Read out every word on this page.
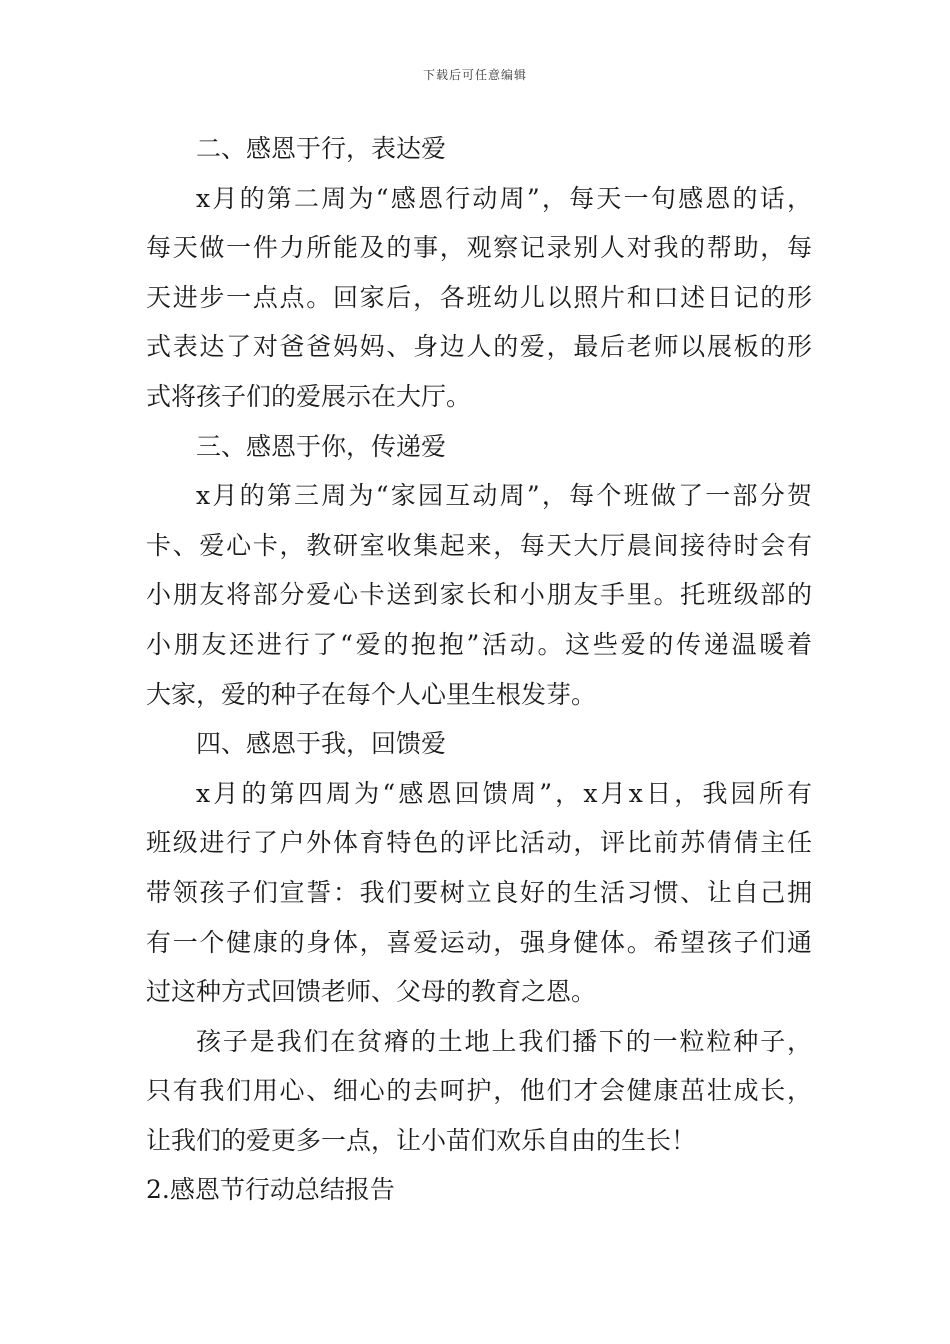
下载后可任意编辑
二、感恩于行，表达爱
x月的第二周为“感恩行动周”，每天一句感恩的话，
每天做一件力所能及的事，观察记录别人对我的帮助，每
天进步一点点。回家后，各班幼儿以照片和口述日记的形
式表达了对爸爸妈妈、身边人的爱，最后老师以展板的形
式将孩子们的爱展示在大厅。
三、感恩于你，传递爱
x月的第三周为“家园互动周”，每个班做了一部分贺
卡、爱心卡，教研室收集起来，每天大厅晨间接待时会有
小朋友将部分爱心卡送到家长和小朋友手里。托班级部的
小朋友还进行了“爱的抱抱”活动。这些爱的传递温暖着
大家，爱的种子在每个人心里生根发芽。
四、感恩于我，回馈爱
x月的第四周为“感恩回馈周”，x月x日，我园所有
班级进行了户外体育特色的评比活动，评比前苏倩倩主任
带领孩子们宣誓：我们要树立良好的生活习惯、让自己拥
有一个健康的身体，喜爱运动，强身健体。希望孩子们通
过这种方式回馈老师、父母的教育之恩。
孩子是我们在贫瘠的土地上我们播下的一粒粒种子，
只有我们用心、细心的去呵护，他们才会健康茁壮成长，
让我们的爱更多一点，让小苗们欢乐自由的生长！
2.感恩节行动总结报告
